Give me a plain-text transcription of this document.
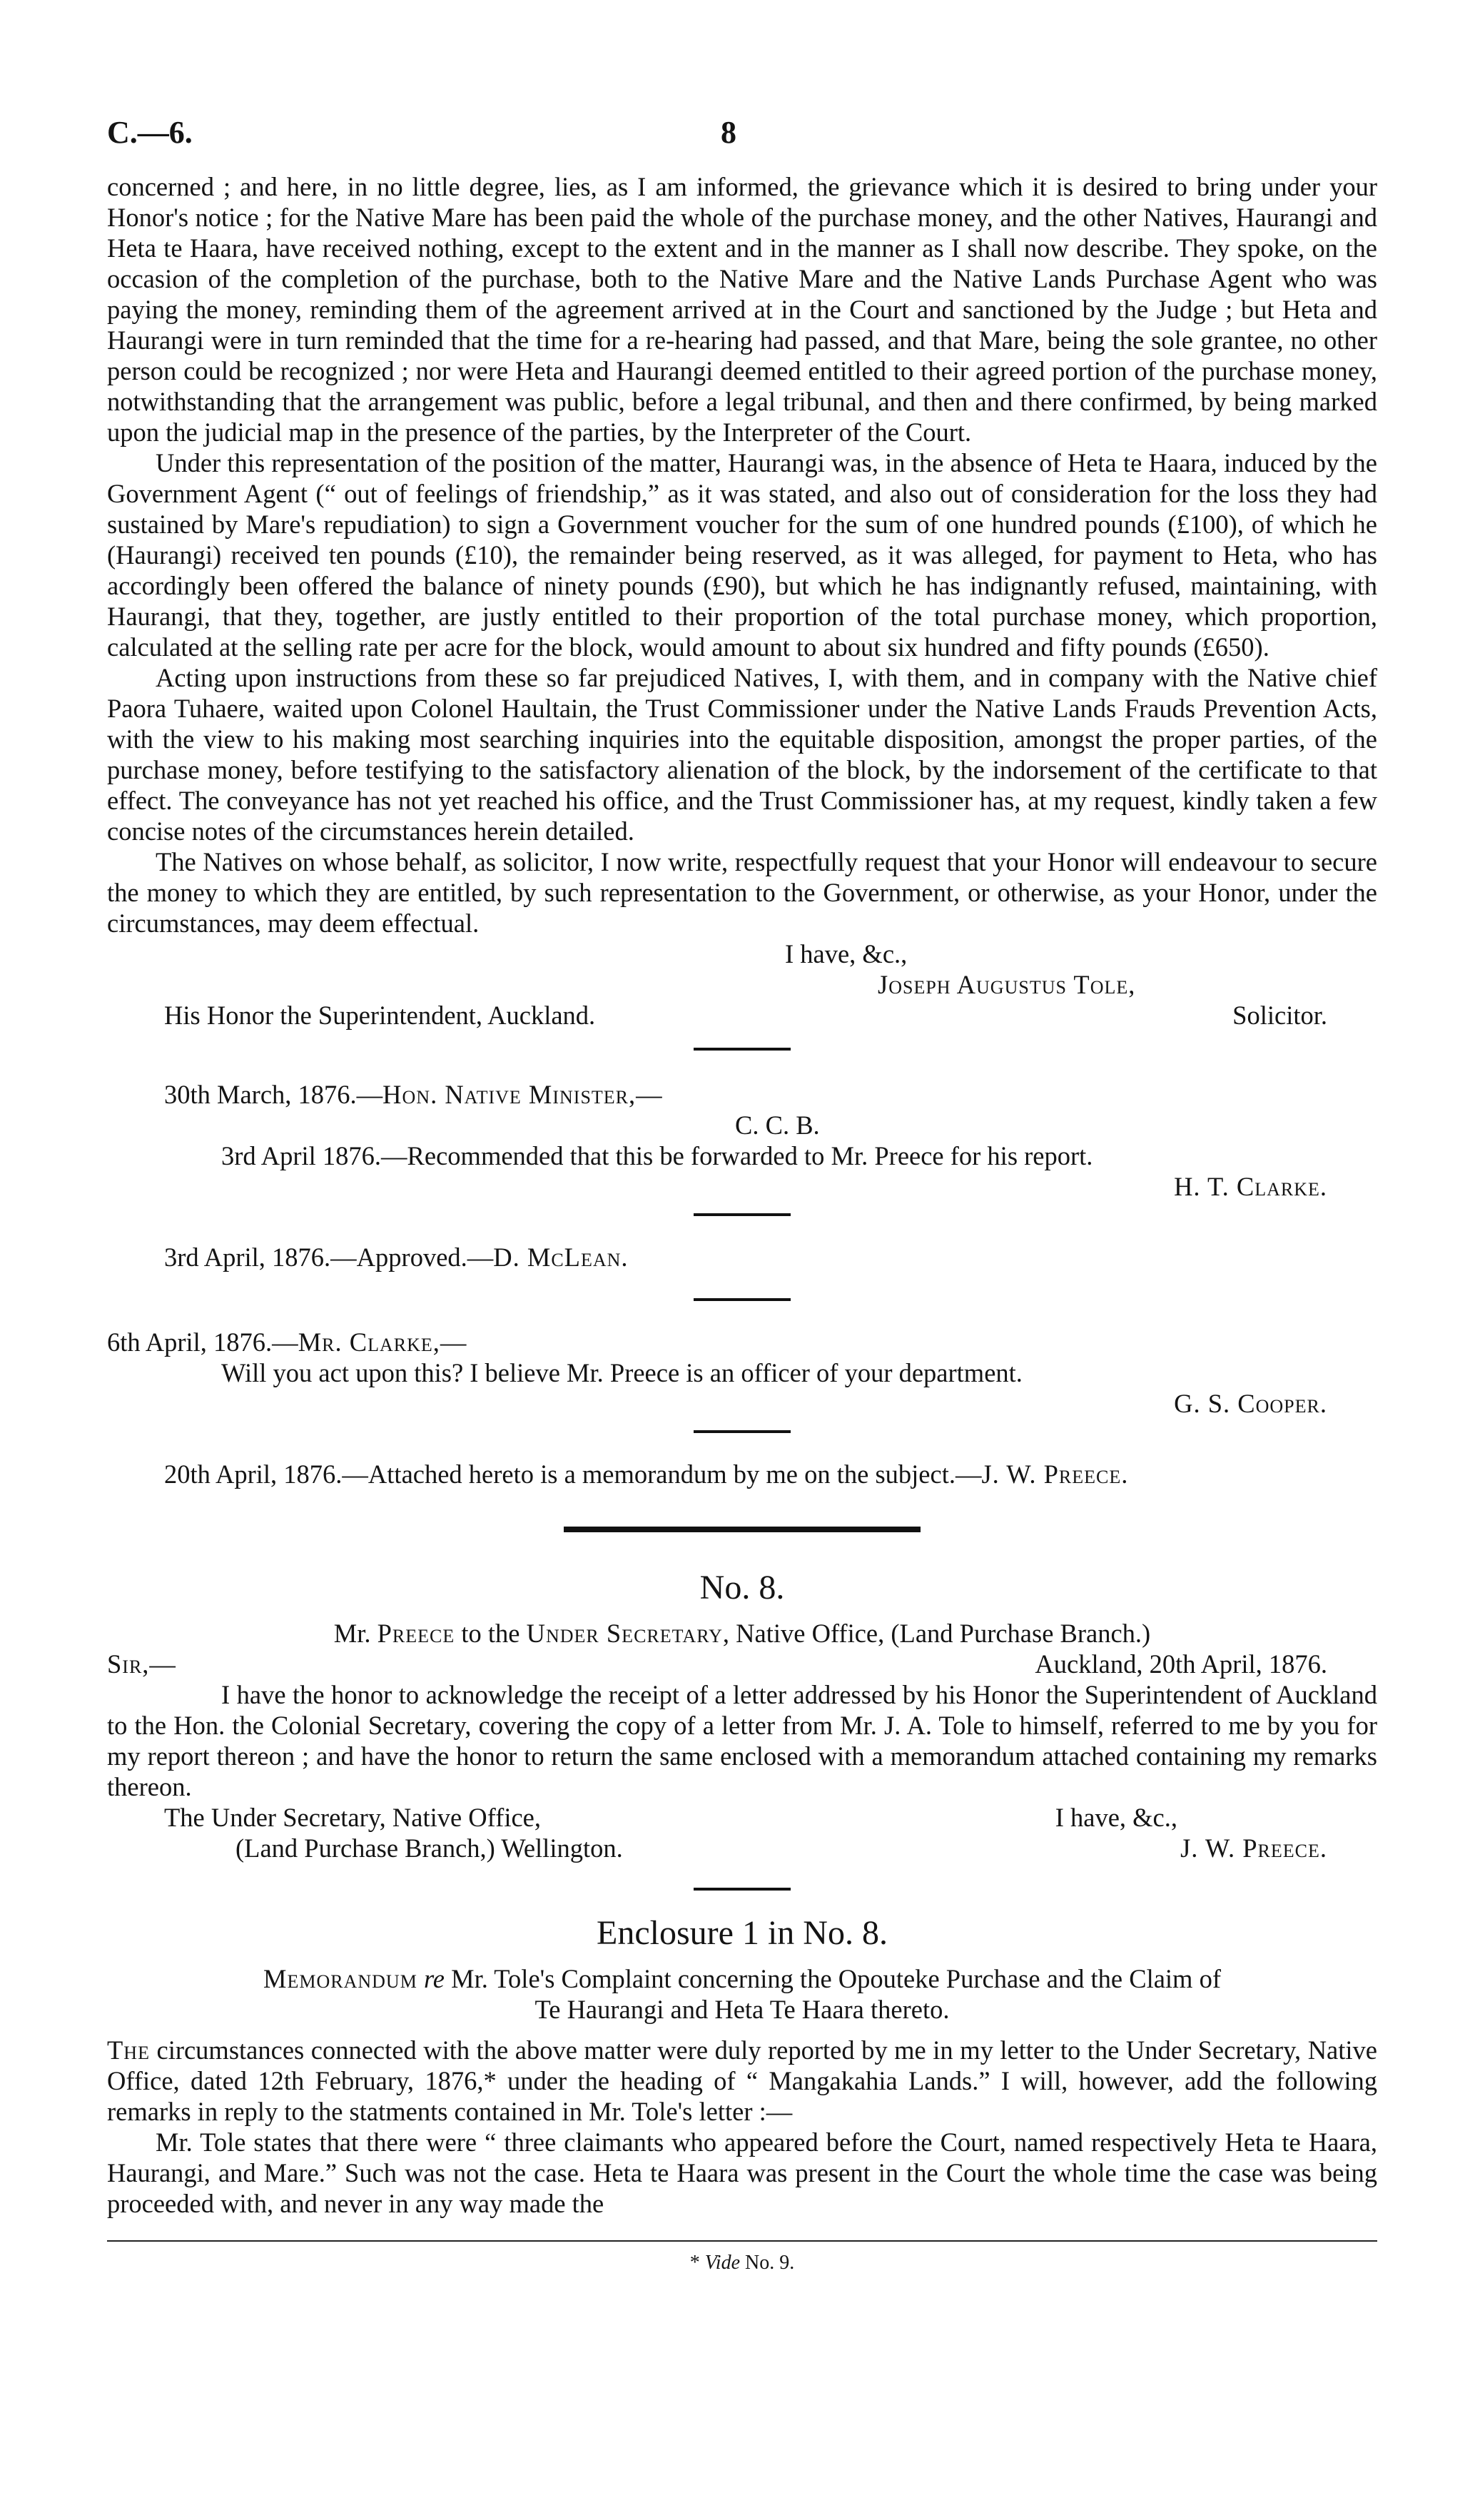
C.—6.	8

concerned ; and here, in no little degree, lies, as I am informed, the grievance which it is desired to bring under your Honor's notice ; for the Native Mare has been paid the whole of the purchase money, and the other Natives, Haurangi and Heta te Haara, have received nothing, except to the extent and in the manner as I shall now describe. They spoke, on the occasion of the completion of the purchase, both to the Native Mare and the Native Lands Purchase Agent who was paying the money, reminding them of the agreement arrived at in the Court and sanctioned by the Judge ; but Heta and Haurangi were in turn reminded that the time for a re-hearing had passed, and that Mare, being the sole grantee, no other person could be recognized ; nor were Heta and Haurangi deemed entitled to their agreed portion of the purchase money, notwithstanding that the arrangement was public, before a legal tribunal, and then and there confirmed, by being marked upon the judicial map in the presence of the parties, by the Interpreter of the Court.

Under this representation of the position of the matter, Haurangi was, in the absence of Heta te Haara, induced by the Government Agent (“ out of feelings of friendship,” as it was stated, and also out of consideration for the loss they had sustained by Mare's repudiation) to sign a Government voucher for the sum of one hundred pounds (£100), of which he (Haurangi) received ten pounds (£10), the remainder being reserved, as it was alleged, for payment to Heta, who has accordingly been offered the balance of ninety pounds (£90), but which he has indignantly refused, maintaining, with Haurangi, that they, together, are justly entitled to their proportion of the total purchase money, which proportion, calculated at the selling rate per acre for the block, would amount to about six hundred and fifty pounds (£650).

Acting upon instructions from these so far prejudiced Natives, I, with them, and in company with the Native chief Paora Tuhaere, waited upon Colonel Haultain, the Trust Commissioner under the Native Lands Frauds Prevention Acts, with the view to his making most searching inquiries into the equitable disposition, amongst the proper parties, of the purchase money, before testifying to the satisfactory alienation of the block, by the indorsement of the certificate to that effect. The conveyance has not yet reached his office, and the Trust Commissioner has, at my request, kindly taken a few concise notes of the circumstances herein detailed.

The Natives on whose behalf, as solicitor, I now write, respectfully request that your Honor will endeavour to secure the money to which they are entitled, by such representation to the Government, or otherwise, as your Honor, under the circumstances, may deem effectual.

I have, &c.,
Joseph Augustus Tole,
His Honor the Superintendent, Auckland.	Solicitor.
30th March, 1876.—Hon. Native Minister,—
C. C. B.
3rd April 1876.—Recommended that this be forwarded to Mr. Preece for his report.
H. T. Clarke.
3rd April, 1876.—Approved.—D. McLean.
6th April, 1876.—Mr. Clarke,—
Will you act upon this? I believe Mr. Preece is an officer of your department.
G. S. Cooper.
20th April, 1876.—Attached hereto is a memorandum by me on the subject.—J. W. Preece.
No. 8.
Mr. Preece to the Under Secretary, Native Office, (Land Purchase Branch.)
Sir,—	Auckland, 20th April, 1876.

I have the honor to acknowledge the receipt of a letter addressed by his Honor the Superintendent of Auckland to the Hon. the Colonial Secretary, covering the copy of a letter from Mr. J. A. Tole to himself, referred to me by you for my report thereon ; and have the honor to return the same enclosed with a memorandum attached containing my remarks thereon.

The Under Secretary, Native Office,	I have, &c.,
(Land Purchase Branch,) Wellington.	J. W. Preece.
Enclosure 1 in No. 8.
Memorandum re Mr. Tole's Complaint concerning the Opouteke Purchase and the Claim of
Te Haurangi and Heta Te Haara thereto.

The circumstances connected with the above matter were duly reported by me in my letter to the Under Secretary, Native Office, dated 12th February, 1876,* under the heading of “ Mangakahia Lands.” I will, however, add the following remarks in reply to the statments contained in Mr. Tole's letter :—

Mr. Tole states that there were “ three claimants who appeared before the Court, named respectively Heta te Haara, Haurangi, and Mare.” Such was not the case. Heta te Haara was present in the Court the whole time the case was being proceeded with, and never in any way made the

* Vide No. 9.
